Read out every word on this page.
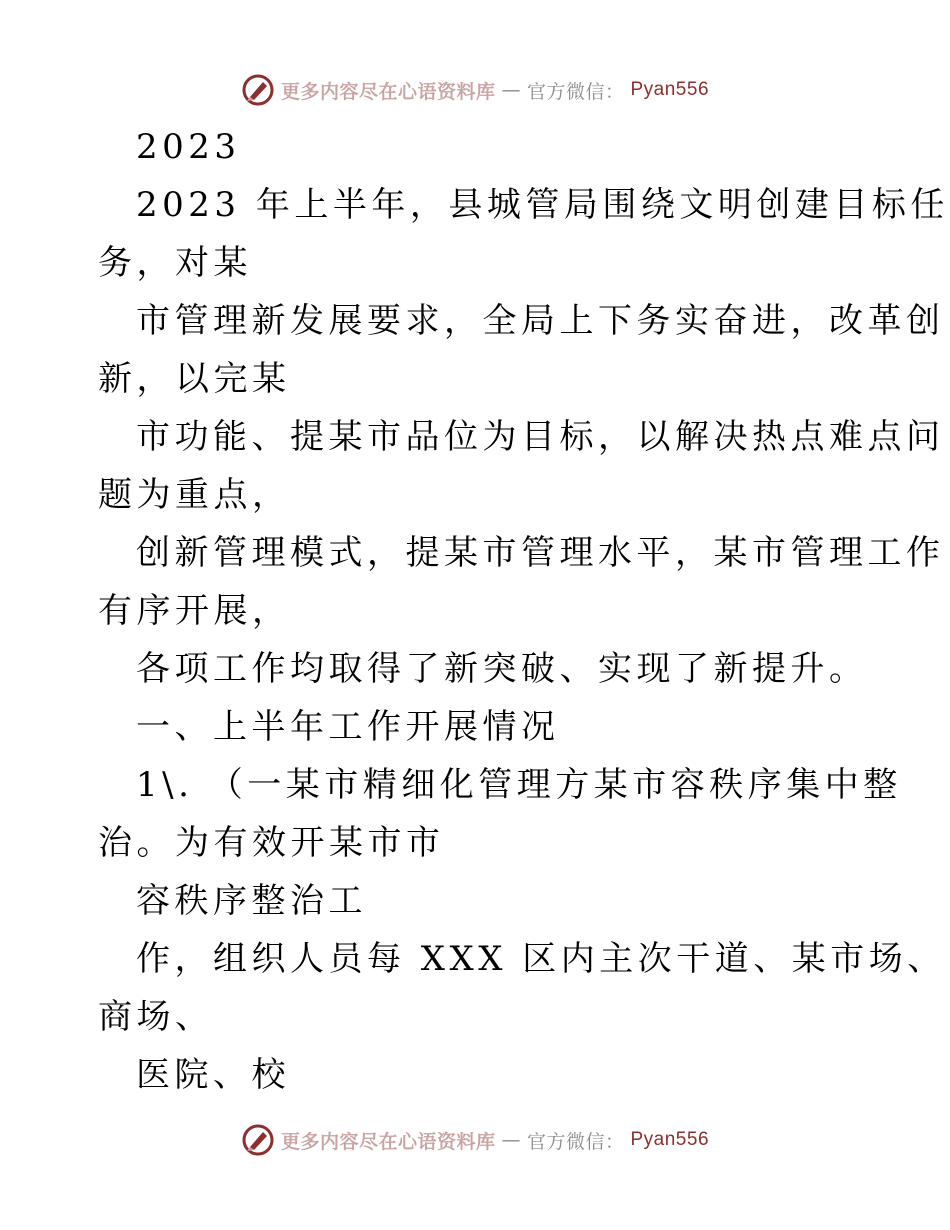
更多内容尽在心语资料库 — 官方微信： Pyan556
2023
2023 年上半年，县城管局围绕文明创建目标任
务，对某
市管理新发展要求，全局上下务实奋进，改革创
新，以完某
市功能、提某市品位为目标，以解决热点难点问
题为重点，
创新管理模式，提某市管理水平，某市管理工作
有序开展，
各项工作均取得了新突破、实现了新提升。
一、上半年工作开展情况
1\. （一某市精细化管理方某市容秩序集中整
治。为有效开某市市
容秩序整治工
作，组织人员每 XXX 区内主次干道、某市场、
商场、
医院、校
更多内容尽在心语资料库 — 官方微信： Pyan556
